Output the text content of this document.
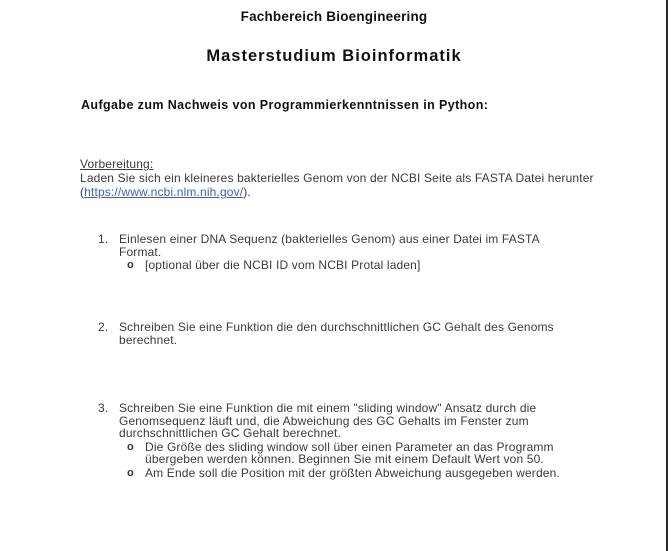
Fachbereich Bioengineering
Masterstudium Bioinformatik
Aufgabe zum Nachweis von Programmierkenntnissen in Python:
Vorbereitung:
Laden Sie sich ein kleineres bakterielles Genom von der NCBI Seite als FASTA Datei herunter (https://www.ncbi.nlm.nih.gov/).
1. Einlesen einer DNA Sequenz (bakterielles Genom) aus einer Datei im FASTA Format.
o [optional über die NCBI ID vom NCBI Protal laden]
2. Schreiben Sie eine Funktion die den durchschnittlichen GC Gehalt des Genoms berechnet.
3. Schreiben Sie eine Funktion die mit einem "sliding window" Ansatz durch die Genomsequenz läuft und, die Abweichung des GC Gehalts im Fenster zum durchschnittlichen GC Gehalt berechnet.
o Die Größe des sliding window soll über einen Parameter an das Programm übergeben werden können. Beginnen Sie mit einem Default Wert von 50.
o Am Ende soll die Position mit der größten Abweichung ausgegeben werden.
